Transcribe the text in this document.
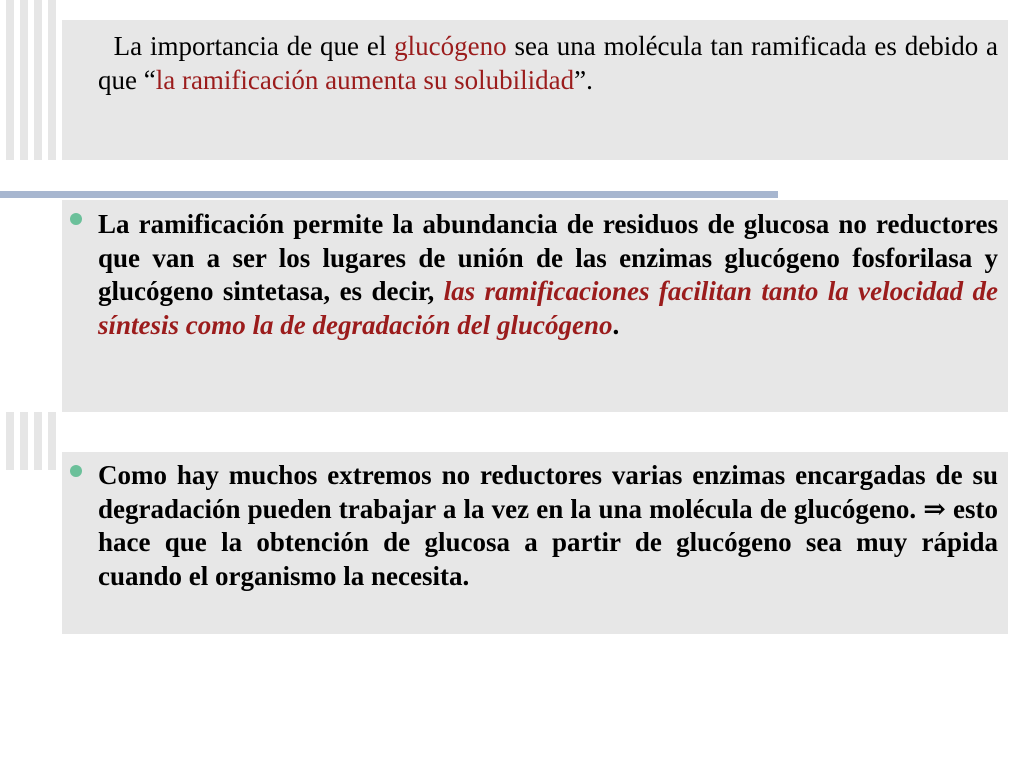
La importancia de que el glucógeno sea una molécula tan ramificada es debido a que “la ramificación aumenta su solubilidad”.
La ramificación permite la abundancia de residuos de glucosa no reductores que van a ser los lugares de unión de las enzimas glucógeno fosforilasa y glucógeno sintetasa, es decir, las ramificaciones facilitan tanto la velocidad de síntesis como la de degradación del glucógeno.
Como hay muchos extremos no reductores varias enzimas encargadas de su degradación pueden trabajar a la vez en la una molécula de glucógeno. ⇒ esto hace que la obtención de glucosa a partir de glucógeno sea muy rápida cuando el organismo la necesita.
